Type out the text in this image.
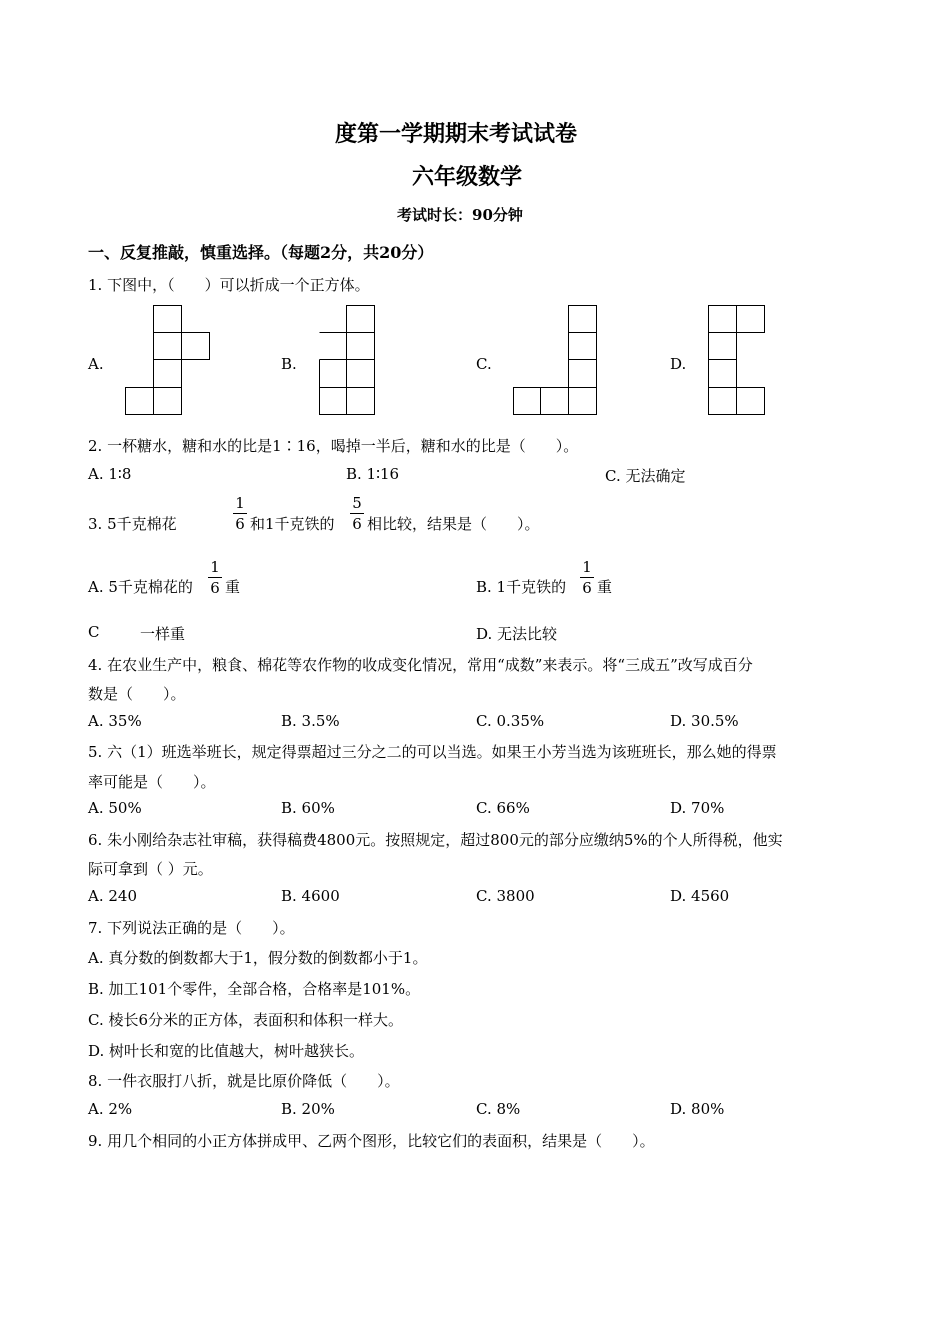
度第一学期期末考试试卷
六年级数学
考试时长：90分钟
一、反复推敲，慎重选择。（每题2分，共20分）
1. 下图中，（　　）可以折成一个正方体。
A.	B.	C.	D.
2. 一杯糖水，糖和水的比是1∶16，喝掉一半后，糖和水的比是（　　）。
A. 1∶8	B. 1∶16	C. 无法确定
3. 5千克棉花
1
6 和1千克铁的
5
6 相比较，结果是（　　）。
A. 5千克棉花的
1
6 重	B. 1千克铁的
1
6 重
C	一样重	D. 无法比较
4. 在农业生产中，粮食、棉花等农作物的收成变化情况，常用“成数”来表示。将“三成五”改写成百分
数是（　　）。
A. 35%	B. 3.5%	C. 0.35%	D. 30.5%
5. 六（1）班选举班长，规定得票超过三分之二的可以当选。如果王小芳当选为该班班长，那么她的得票
率可能是（　　）。
A. 50%	B. 60%	C. 66%	D. 70%
6. 朱小刚给杂志社审稿，获得稿费4800元。按照规定，超过800元的部分应缴纳5%的个人所得税，他实
际可拿到（ ）元。
A. 240	B. 4600	C. 3800	D. 4560
7. 下列说法正确的是（　　）。
A. 真分数的倒数都大于1，假分数的倒数都小于1。
B. 加工101个零件，全部合格，合格率是101%。
C. 棱长6分米的正方体，表面积和体积一样大。
D. 树叶长和宽的比值越大，树叶越狭长。
8. 一件衣服打八折，就是比原价降低（　　）。
A. 2%	B. 20%	C. 8%	D. 80%
9. 用几个相同的小正方体拼成甲、乙两个图形，比较它们的表面积，结果是（　　）。
